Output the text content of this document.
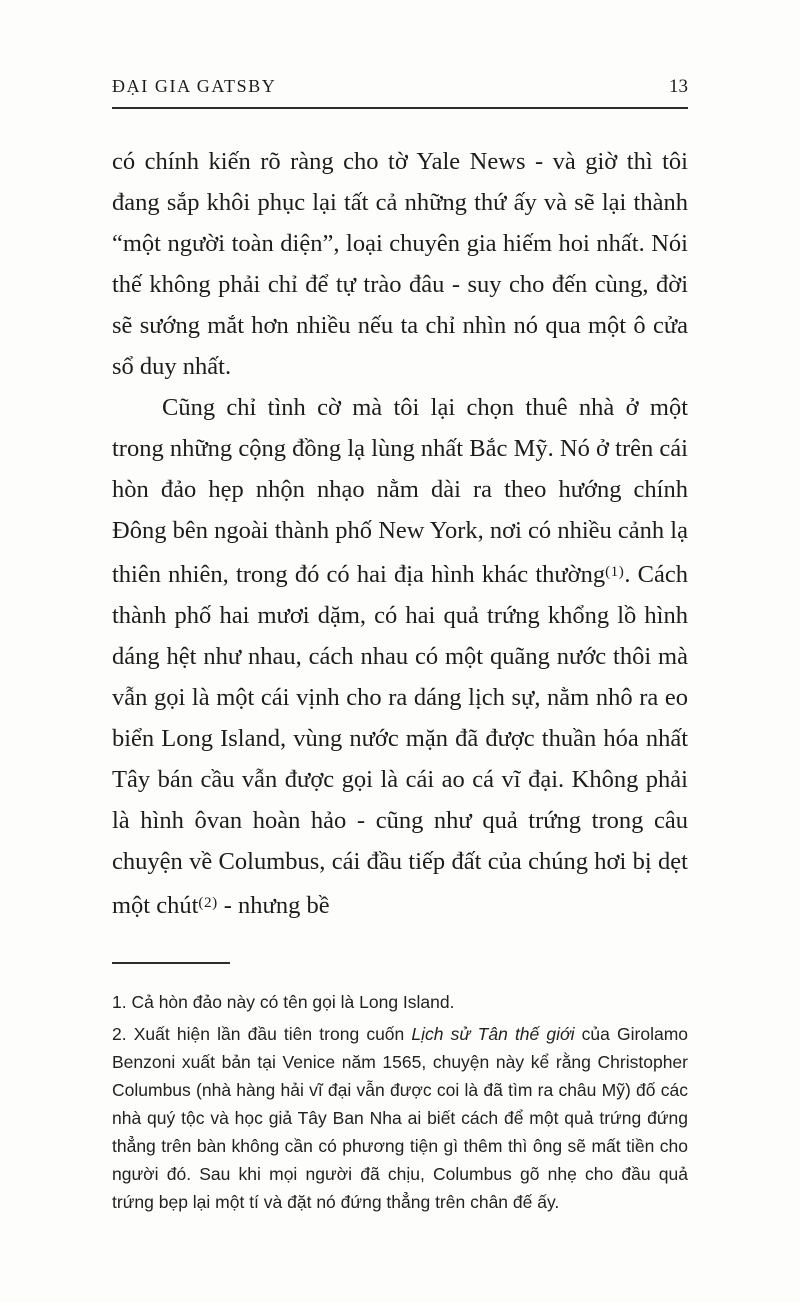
ĐẠI GIA GATSBY	13

có chính kiến rõ ràng cho tờ Yale News - và giờ thì tôi đang sắp khôi phục lại tất cả những thứ ấy và sẽ lại thành “một người toàn diện”, loại chuyên gia hiếm hoi nhất. Nói thế không phải chỉ để tự trào đâu - suy cho đến cùng, đời sẽ sướng mắt hơn nhiều nếu ta chỉ nhìn nó qua một ô cửa sổ duy nhất.

Cũng chỉ tình cờ mà tôi lại chọn thuê nhà ở một trong những cộng đồng lạ lùng nhất Bắc Mỹ. Nó ở trên cái hòn đảo hẹp nhộn nhạo nằm dài ra theo hướng chính Đông bên ngoài thành phố New York, nơi có nhiều cảnh lạ thiên nhiên, trong đó có hai địa hình khác thường$^{(1)}$. Cách thành phố hai mươi dặm, có hai quả trứng khổng lồ hình dáng hệt như nhau, cách nhau có một quãng nước thôi mà vẫn gọi là một cái vịnh cho ra dáng lịch sự, nằm nhô ra eo biển Long Island, vùng nước mặn đã được thuần hóa nhất Tây bán cầu vẫn được gọi là cái ao cá vĩ đại. Không phải là hình ôvan hoàn hảo - cũng như quả trứng trong câu chuyện về Columbus, cái đầu tiếp đất của chúng hơi bị dẹt một chút$^{(2)}$ - nhưng bề

1. Cả hòn đảo này có tên gọi là Long Island.

2. Xuất hiện lần đầu tiên trong cuốn Lịch sử Tân thế giới của Girolamo Benzoni xuất bản tại Venice năm 1565, chuyện này kể rằng Christopher Columbus (nhà hàng hải vĩ đại vẫn được coi là đã tìm ra châu Mỹ) đố các nhà quý tộc và học giả Tây Ban Nha ai biết cách để một quả trứng đứng thẳng trên bàn không cần có phương tiện gì thêm thì ông sẽ mất tiền cho người đó. Sau khi mọi người đã chịu, Columbus gõ nhẹ cho đầu quả trứng bẹp lại một tí và đặt nó đứng thẳng trên chân đế ấy.
